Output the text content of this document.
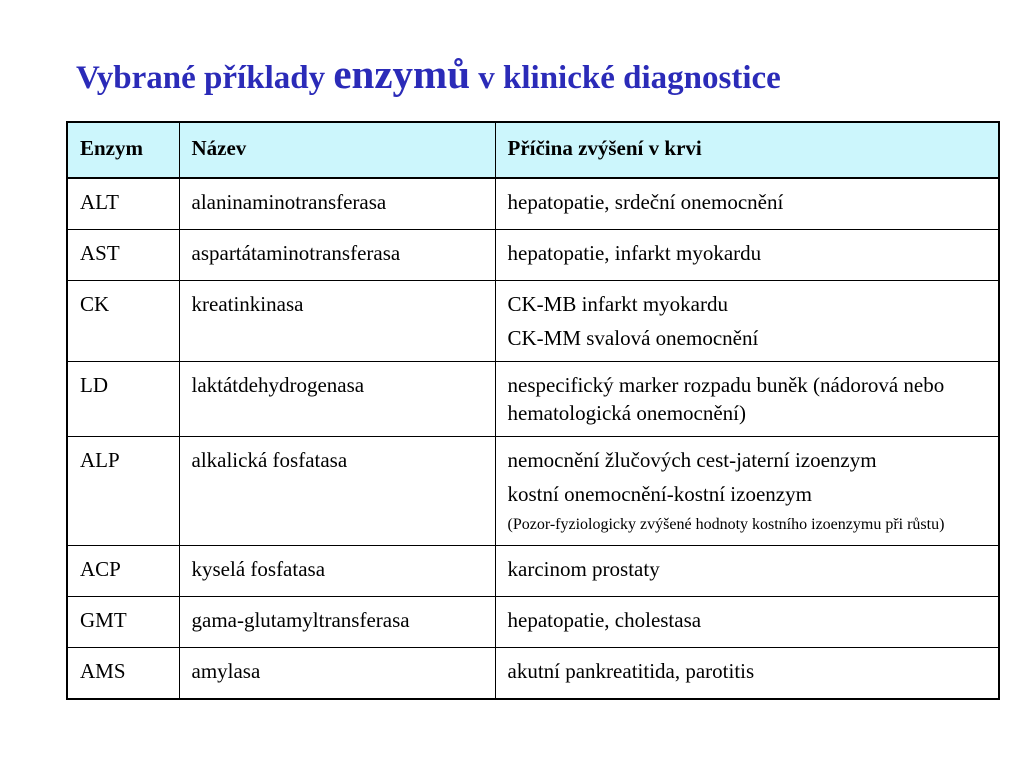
Vybrané příklady enzymů v klinické diagnostice
Enzym	Název	Příčina zvýšení v krvi
ALT	alaninaminotransferasa	hepatopatie, srdeční onemocnění

AST	aspartátaminotransferasa	hepatopatie, infarkt myokardu

CK	kreatinkinasa	CK-MB infarkt myokardu
CK-MM svalová onemocnění

LD	laktátdehydrogenasa	nespecifický marker rozpadu buněk (nádorová nebo hematologická onemocnění)

ALP	alkalická fosfatasa	nemocnění žlučových cest-jaterní izoenzym
kostní onemocnění-kostní izoenzym
(Pozor-fyziologicky zvýšené hodnoty kostního izoenzymu při růstu)

ACP	kyselá fosfatasa	karcinom prostaty

GMT	gama-glutamyltransferasa	hepatopatie, cholestasa

AMS	amylasa	akutní pankreatitida, parotitis
